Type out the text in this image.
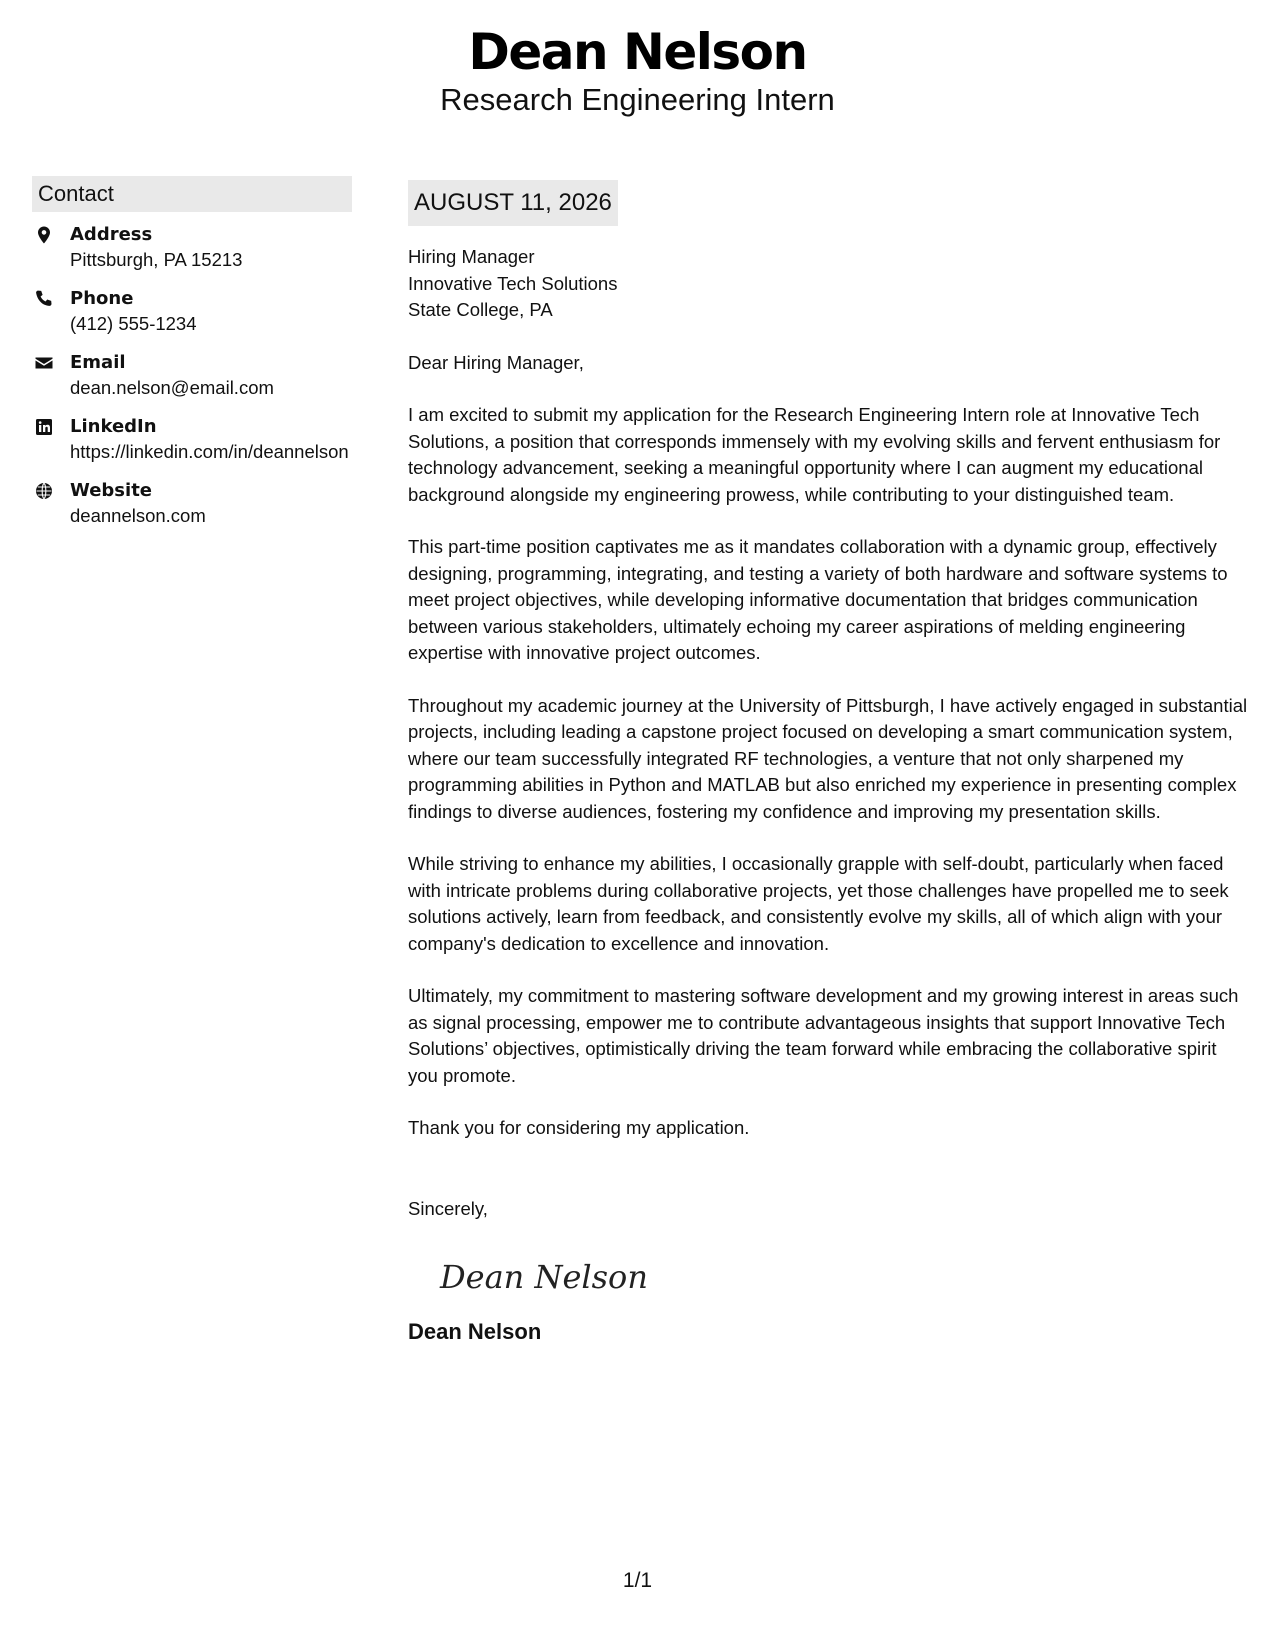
Dean Nelson
Research Engineering Intern
Contact
Address
Pittsburgh, PA 15213
Phone
(412) 555-1234
Email
dean.nelson@email.com
LinkedIn
https://linkedin.com/in/deannelson
Website
deannelson.com
AUGUST 11, 2026
Hiring Manager
Innovative Tech Solutions
State College, PA
Dear Hiring Manager,
I am excited to submit my application for the Research Engineering Intern role at Innovative Tech Solutions, a position that corresponds immensely with my evolving skills and fervent enthusiasm for technology advancement, seeking a meaningful opportunity where I can augment my educational background alongside my engineering prowess, while contributing to your distinguished team.
This part-time position captivates me as it mandates collaboration with a dynamic group, effectively designing, programming, integrating, and testing a variety of both hardware and software systems to meet project objectives, while developing informative documentation that bridges communication between various stakeholders, ultimately echoing my career aspirations of melding engineering expertise with innovative project outcomes.
Throughout my academic journey at the University of Pittsburgh, I have actively engaged in substantial projects, including leading a capstone project focused on developing a smart communication system, where our team successfully integrated RF technologies, a venture that not only sharpened my programming abilities in Python and MATLAB but also enriched my experience in presenting complex findings to diverse audiences, fostering my confidence and improving my presentation skills.
While striving to enhance my abilities, I occasionally grapple with self-doubt, particularly when faced with intricate problems during collaborative projects, yet those challenges have propelled me to seek solutions actively, learn from feedback, and consistently evolve my skills, all of which align with your company's dedication to excellence and innovation.
Ultimately, my commitment to mastering software development and my growing interest in areas such as signal processing, empower me to contribute advantageous insights that support Innovative Tech Solutions’ objectives, optimistically driving the team forward while embracing the collaborative spirit you promote.
Thank you for considering my application.
Sincerely,
Dean Nelson
Dean Nelson
1/1
